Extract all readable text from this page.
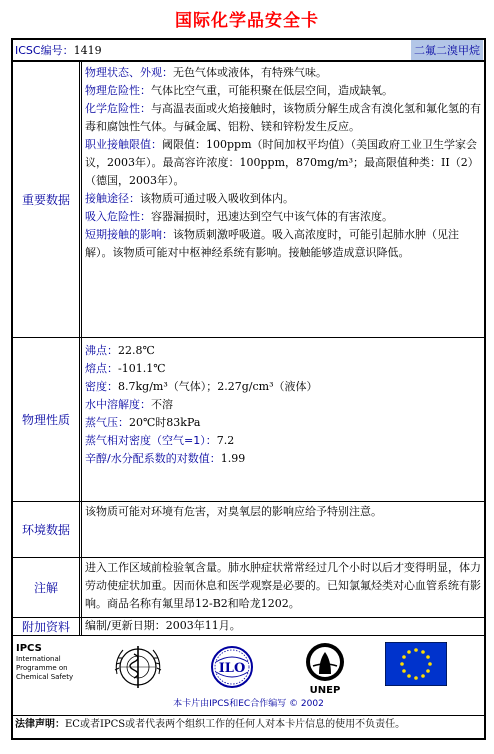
国际化学品安全卡
ICSC编号：1419	二氟二溴甲烷
重要数据
物理状态、外观：无色气体或液体，有特殊气味。
物理危险性：气体比空气重，可能积聚在低层空间，造成缺氧。
化学危险性：与高温表面或火焰接触时，该物质分解生成含有溴化氢和氟化氢的有毒和腐蚀性气体。与碱金属、铝粉、镁和锌粉发生反应。
职业接触限值：阈限值：100ppm（时间加权平均值）（美国政府工业卫生学家会议，2003年）。最高容许浓度：100ppm，870mg/m³；最高限值种类：II（2）（德国，2003年）。
接触途径：该物质可通过吸入吸收到体内。
吸入危险性：容器漏损时，迅速达到空气中该气体的有害浓度。
短期接触的影响：该物质刺激呼吸道。吸入高浓度时，可能引起肺水肿（见注解）。该物质可能对中枢神经系统有影响。接触能够造成意识降低。
物理性质
沸点：22.8℃
熔点：-101.1℃
密度：8.7kg/m³（气体）；2.27g/cm³（液体）
水中溶解度：不溶
蒸气压：20℃时83kPa
蒸气相对密度（空气=1）：7.2
辛醇/水分配系数的对数值：1.99
环境数据
该物质可能对环境有危害，对臭氧层的影响应给予特别注意。
注解
进入工作区域前检验氧含量。肺水肿症状常常经过几个小时以后才变得明显，体力劳动使症状加重。因而休息和医学观察是必要的。已知氯氟烃类对心血管系统有影响。商品名称有氟里昂12-B2和哈龙1202。
附加资料	编制/更新日期：2003年11月。
IPCS
International
Programme on
Chemical Safety
ILO
UNEP
本卡片由IPCS和EC合作编写 © 2002
法律声明：EC或者IPCS或者代表两个组织工作的任何人对本卡片信息的使用不负责任。
